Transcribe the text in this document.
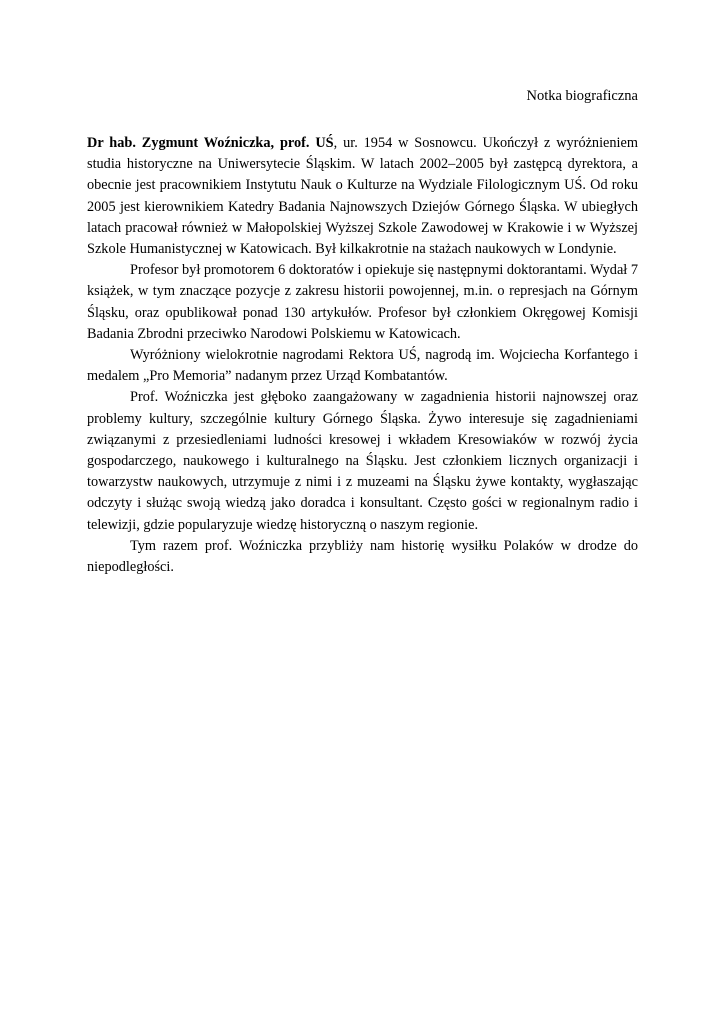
Notka biograficzna

Dr hab. Zygmunt Woźniczka, prof. UŚ, ur. 1954 w Sosnowcu. Ukończył z wyróżnieniem studia historyczne na Uniwersytecie Śląskim. W latach 2002–2005 był zastępcą dyrektora, a obecnie jest pracownikiem Instytutu Nauk o Kulturze na Wydziale Filologicznym UŚ. Od roku 2005 jest kierownikiem Katedry Badania Najnowszych Dziejów Górnego Śląska. W ubiegłych latach pracował również w Małopolskiej Wyższej Szkole Zawodowej w Krakowie i w Wyższej Szkole Humanistycznej w Katowicach. Był kilkakrotnie na stażach naukowych w Londynie.

Profesor był promotorem 6 doktoratów i opiekuje się następnymi doktorantami. Wydał 7 książek, w tym znaczące pozycje z zakresu historii powojennej, m.in. o represjach na Górnym Śląsku, oraz opublikował ponad 130 artykułów. Profesor był członkiem Okręgowej Komisji Badania Zbrodni przeciwko Narodowi Polskiemu w Katowicach.

Wyróżniony wielokrotnie nagrodami Rektora UŚ, nagrodą im. Wojciecha Korfantego i medalem „Pro Memoria” nadanym przez Urząd Kombatantów.

Prof. Woźniczka jest głęboko zaangażowany w zagadnienia historii najnowszej oraz problemy kultury, szczególnie kultury Górnego Śląska. Żywo interesuje się zagadnieniami związanymi z przesiedleniami ludności kresowej i wkładem Kresowiaków w rozwój życia gospodarczego, naukowego i kulturalnego na Śląsku. Jest członkiem licznych organizacji i towarzystw naukowych, utrzymuje z nimi i z muzeami na Śląsku żywe kontakty, wygłaszając odczyty i służąc swoją wiedzą jako doradca i konsultant. Często gości w regionalnym radio i telewizji, gdzie popularyzuje wiedzę historyczną o naszym regionie.

Tym razem prof. Woźniczka przybliży nam historię wysiłku Polaków w drodze do niepodległości.
